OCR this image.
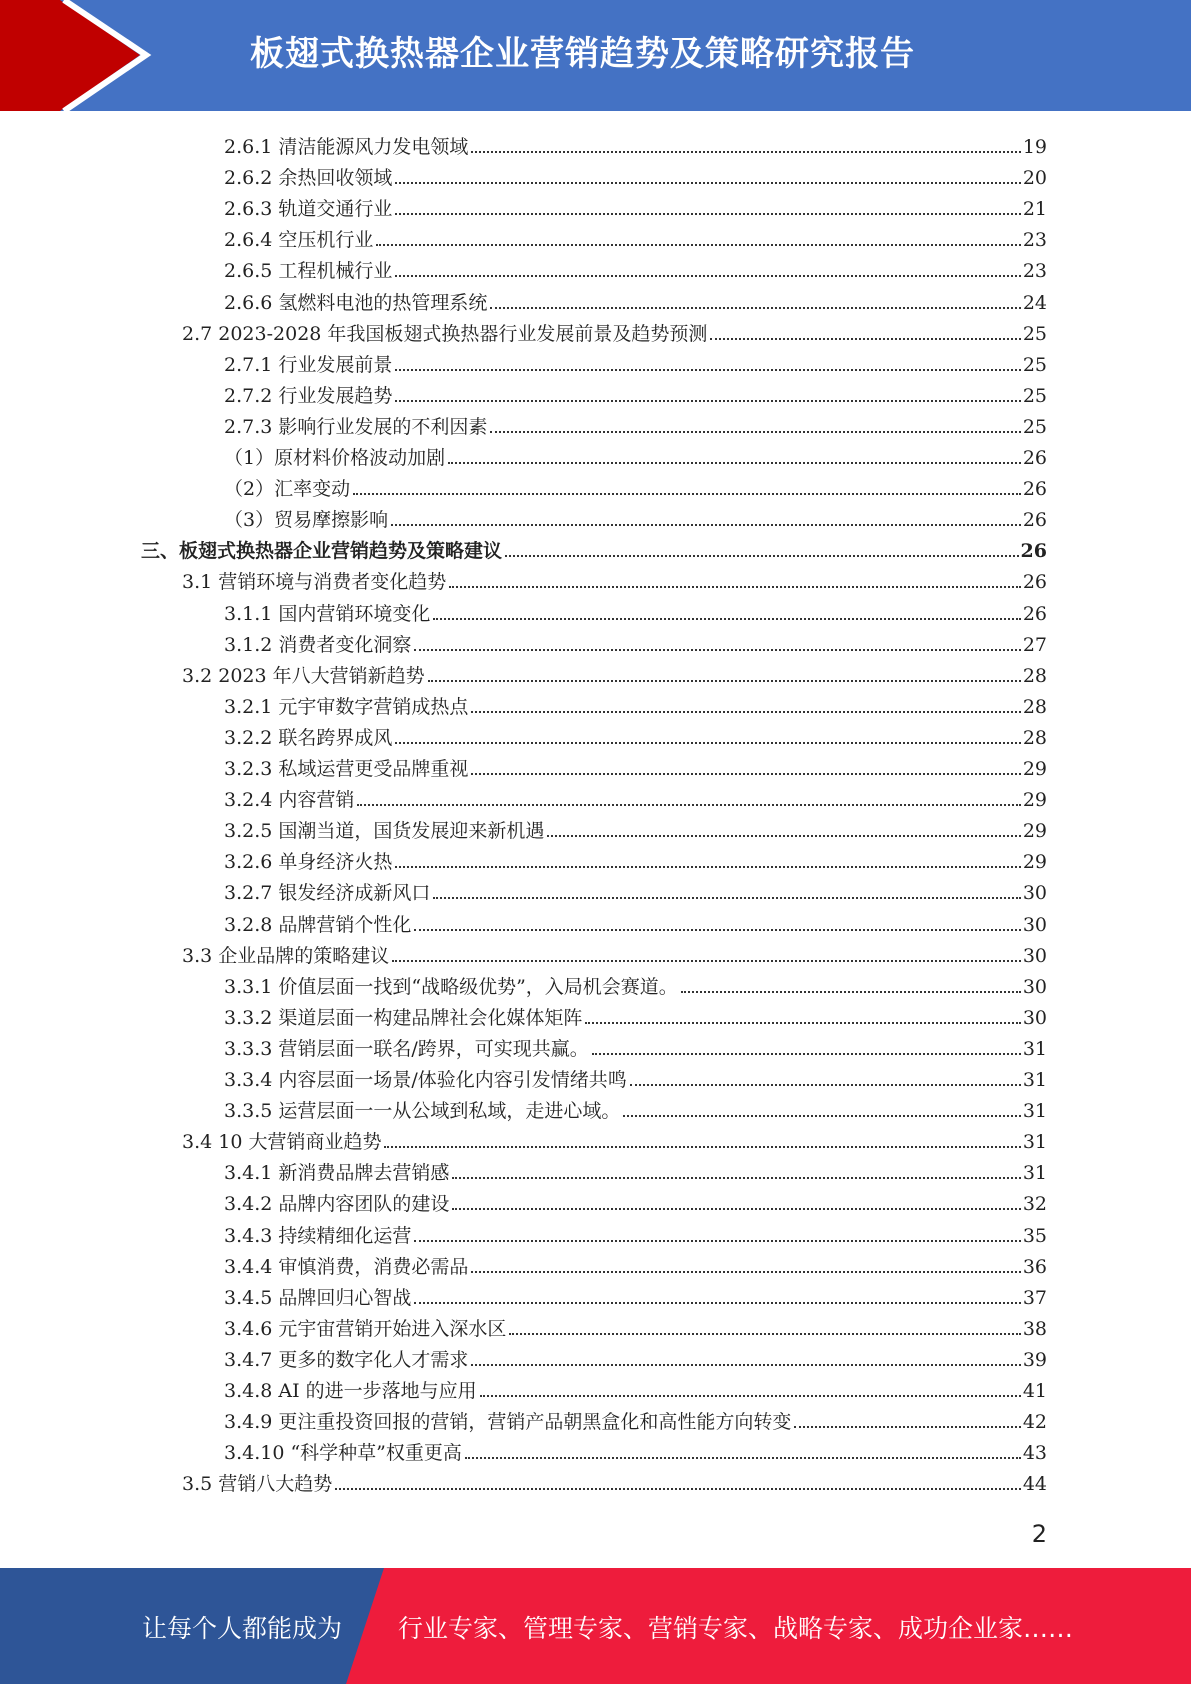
板翅式换热器企业营销趋势及策略研究报告
2.6.1 清洁能源风力发电领域	19
2.6.2 余热回收领域	20
2.6.3 轨道交通行业	21
2.6.4 空压机行业	23
2.6.5 工程机械行业	23
2.6.6 氢燃料电池的热管理系统	24
2.7 2023-2028 年我国板翅式换热器行业发展前景及趋势预测	25
2.7.1 行业发展前景	25
2.7.2 行业发展趋势	25
2.7.3 影响行业发展的不利因素	25
（1）原材料价格波动加剧	26
（2）汇率变动	26
（3）贸易摩擦影响	26
三、板翅式换热器企业营销趋势及策略建议	26
3.1 营销环境与消费者变化趋势	26
3.1.1 国内营销环境变化	26
3.1.2 消费者变化洞察	27
3.2 2023 年八大营销新趋势	28
3.2.1 元宇审数字营销成热点	28
3.2.2 联名跨界成风	28
3.2.3 私域运营更受品牌重视	29
3.2.4 内容营销	29
3.2.5 国潮当道，国货发展迎来新机遇	29
3.2.6 单身经济火热	29
3.2.7 银发经济成新风口	30
3.2.8 品牌营销个性化	30
3.3 企业品牌的策略建议	30
3.3.1 价值层面一找到“战略级优势”，入局机会赛道。	30
3.3.2 渠道层面一构建品牌社会化媒体矩阵	30
3.3.3 营销层面一联名/跨界，可实现共赢。	31
3.3.4 内容层面一场景/体验化内容引发情绪共鸣	31
3.3.5 运营层面一一从公域到私域，走进心域。	31
3.4 10 大营销商业趋势	31
3.4.1 新消费品牌去营销感	31
3.4.2 品牌内容团队的建设	32
3.4.3 持续精细化运营	35
3.4.4 审慎消费，消费必需品	36
3.4.5 品牌回归心智战	37
3.4.6 元宇宙营销开始进入深水区	38
3.4.7 更多的数字化人才需求	39
3.4.8 AI 的进一步落地与应用	41
3.4.9 更注重投资回报的营销，营销产品朝黑盒化和高性能方向转变	42
3.4.10 “科学种草”权重更高	43
3.5 营销八大趋势	44
2
让每个人都能成为 行业专家、管理专家、营销专家、战略专家、成功企业家……
